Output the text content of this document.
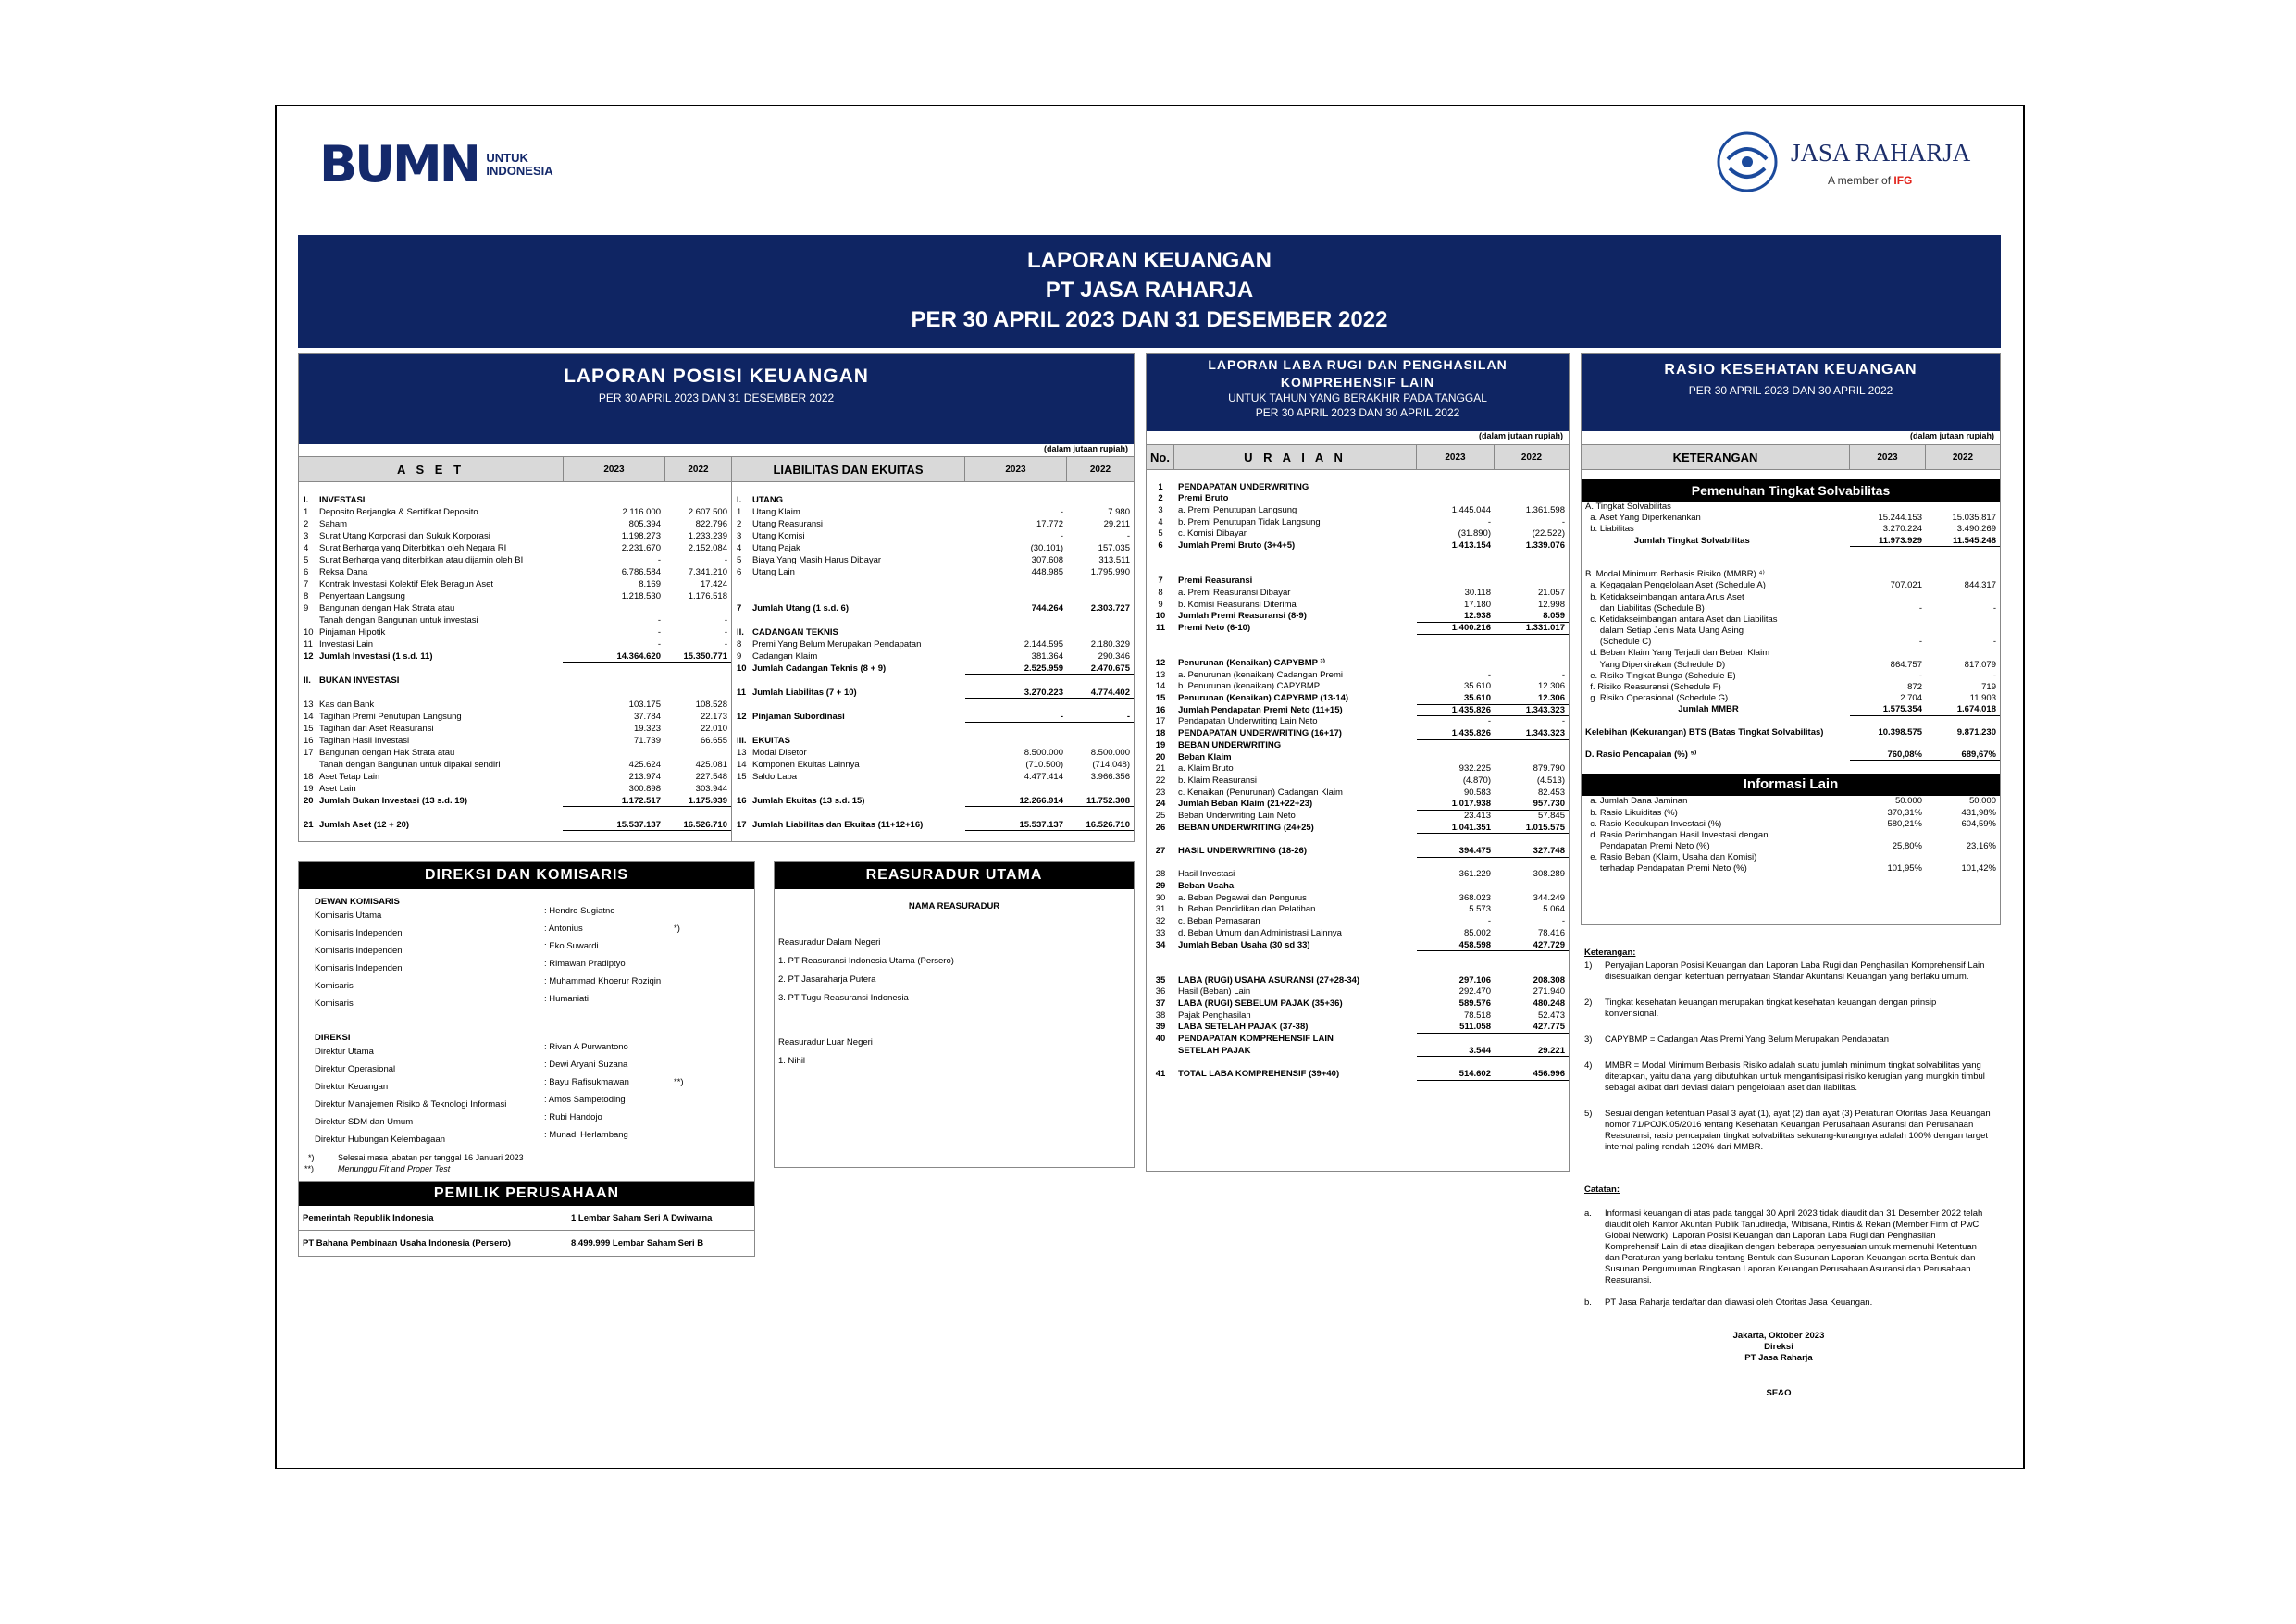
BUMN UNTUK
INDONESIA
JASA RAHARJA
A member of IFG
LAPORAN KEUANGAN
PT JASA RAHARJA
PER 30 APRIL 2023 DAN 31 DESEMBER 2022
LAPORAN POSISI KEUANGAN
PER 30 APRIL 2023 DAN 31 DESEMBER 2022
(dalam jutaan rupiah)
A S E T	2023	2022	LIABILITAS DAN EKUITAS	2023	2022
I.	INVESTASI
1	Deposito Berjangka & Sertifikat Deposito	2.116.000	2.607.500
2	Saham	805.394	822.796
3	Surat Utang Korporasi dan Sukuk Korporasi	1.198.273	1.233.239
4	Surat Berharga yang Diterbitkan oleh Negara RI	2.231.670	2.152.084
5	Surat Berharga yang diterbitkan atau dijamin oleh BI	-	-
6	Reksa Dana	6.786.584	7.341.210
7	Kontrak Investasi Kolektif Efek Beragun Aset	8.169	17.424
8	Penyertaan Langsung	1.218.530	1.176.518
9	Bangunan dengan Hak Strata atau
Tanah dengan Bangunan untuk investasi	-	-
10 Pinjaman Hipotik	-	-
11 Investasi Lain	-	-
12 Jumlah Investasi (1 s.d. 11)	14.364.620	15.350.771
II. BUKAN INVESTASI
13 Kas dan Bank	103.175	108.528
14 Tagihan Premi Penutupan Langsung	37.784	22.173
15 Tagihan dari Aset Reasuransi	19.323	22.010
16 Tagihan Hasil Investasi	71.739	66.655
17 Bangunan dengan Hak Strata atau
Tanah dengan Bangunan untuk dipakai sendiri	425.624	425.081
18 Aset Tetap Lain	213.974	227.548
19 Aset Lain	300.898	303.944
20 Jumlah Bukan Investasi (13 s.d. 19)	1.172.517	1.175.939
21 Jumlah Aset (12 + 20)	15.537.137	16.526.710
I.	UTANG
1	Utang Klaim	-	7.980
2	Utang Reasuransi	17.772	29.211
3	Utang Komisi	-	-
4	Utang Pajak	(30.101)	157.035
5	Biaya Yang Masih Harus Dibayar	307.608	313.511
6	Utang Lain	448.985	1.795.990
7	Jumlah Utang (1 s.d. 6)	744.264	2.303.727
II. CADANGAN TEKNIS
8	Premi Yang Belum Merupakan Pendapatan	2.144.595	2.180.329
9	Cadangan Klaim	381.364	290.346
10 Jumlah Cadangan Teknis (8 + 9)	2.525.959	2.470.675
11 Jumlah Liabilitas (7 + 10)	3.270.223	4.774.402
12 Pinjaman Subordinasi	-	-
III. EKUITAS
13 Modal Disetor	8.500.000	8.500.000
14 Komponen Ekuitas Lainnya	(710.500)	(714.048)
15 Saldo Laba	4.477.414	3.966.356
16 Jumlah Ekuitas (13 s.d. 15)	12.266.914	11.752.308
17 Jumlah Liabilitas dan Ekuitas (11+12+16)	15.537.137	16.526.710
LAPORAN LABA RUGI DAN PENGHASILAN
KOMPREHENSIF LAIN
UNTUK TAHUN YANG BERAKHIR PADA TANGGAL
PER 30 APRIL 2023 DAN 30 APRIL 2022
(dalam jutaan rupiah)
No.	U R A I A N	2023	2022
1	PENDAPATAN UNDERWRITING
2	Premi Bruto
3	a. Premi Penutupan Langsung	1.445.044	1.361.598
4	b. Premi Penutupan Tidak Langsung	-	-
5	c. Komisi Dibayar	(31.890)	(22.522)
6	Jumlah Premi Bruto (3+4+5)	1.413.154	1.339.076
7	Premi Reasuransi
8	a. Premi Reasuransi Dibayar	30.118	21.057
9	b. Komisi Reasuransi Diterima	17.180	12.998
10	Jumlah Premi Reasuransi (8-9)	12.938	8.059
11	Premi Neto (6-10)	1.400.216	1.331.017
12	Penurunan (Kenaikan) CAPYBMP ³⁾
13	a. Penurunan (kenaikan) Cadangan Premi	-	-
14	b. Penurunan (kenaikan) CAPYBMP	35.610	12.306
15	Penurunan (Kenaikan) CAPYBMP (13-14)	35.610	12.306
16	Jumlah Pendapatan Premi Neto (11+15)	1.435.826	1.343.323
17	Pendapatan Underwriting Lain Neto	-	-
18	PENDAPATAN UNDERWRITING (16+17)	1.435.826	1.343.323
19	BEBAN UNDERWRITING
20	Beban Klaim
21	a. Klaim Bruto	932.225	879.790
22	b. Klaim Reasuransi	(4.870)	(4.513)
23	c. Kenaikan (Penurunan) Cadangan Klaim	90.583	82.453
24	Jumlah Beban Klaim (21+22+23)	1.017.938	957.730
25	Beban Underwriting Lain Neto	23.413	57.845
26	BEBAN UNDERWRITING (24+25)	1.041.351	1.015.575
27	HASIL UNDERWRITING (18-26)	394.475	327.748
28	Hasil Investasi	361.229	308.289
29	Beban Usaha
30	a. Beban Pegawai dan Pengurus	368.023	344.249
31	b. Beban Pendidikan dan Pelatihan	5.573	5.064
32	c. Beban Pemasaran	-	-
33	d. Beban Umum dan Administrasi Lainnya	85.002	78.416
34	Jumlah Beban Usaha (30 sd 33)	458.598	427.729
35	LABA (RUGI) USAHA ASURANSI (27+28-34)	297.106	208.308
36	Hasil (Beban) Lain	292.470	271.940
37	LABA (RUGI) SEBELUM PAJAK (35+36)	589.576	480.248
38	Pajak Penghasilan	78.518	52.473
39	LABA SETELAH PAJAK (37-38)	511.058	427.775
40	PENDAPATAN KOMPREHENSIF LAIN
SETELAH PAJAK	3.544	29.221
41	TOTAL LABA KOMPREHENSIF (39+40)	514.602	456.996
RASIO KESEHATAN KEUANGAN
PER 30 APRIL 2023 DAN 30 APRIL 2022
(dalam jutaan rupiah)
KETERANGAN	2023	2022
Pemenuhan Tingkat Solvabilitas
A. Tingkat Solvabilitas
a. Aset Yang Diperkenankan	15.244.153	15.035.817
b. Liabilitas	3.270.224	3.490.269
Jumlah Tingkat Solvabilitas	11.973.929	11.545.248
B. Modal Minimum Berbasis Risiko (MMBR) ⁴⁾
a. Kegagalan Pengelolaan Aset (Schedule A)	707.021	844.317
b. Ketidakseimbangan antara Arus Aset
dan Liabilitas (Schedule B)	-	-
c. Ketidakseimbangan antara Aset dan Liabilitas
dalam Setiap Jenis Mata Uang Asing
(Schedule C)	-	-
d. Beban Klaim Yang Terjadi dan Beban Klaim
Yang Diperkirakan (Schedule D)	864.757	817.079
e. Risiko Tingkat Bunga (Schedule E)	-	-
f. Risiko Reasuransi (Schedule F)	872	719
g. Risiko Operasional (Schedule G)	2.704	11.903
Jumlah MMBR	1.575.354	1.674.018
Kelebihan (Kekurangan) BTS (Batas Tingkat Solvabilitas)	10.398.575	9.871.230
D. Rasio Pencapaian (%) ⁵⁾	760,08%	689,67%
Informasi Lain
a. Jumlah Dana Jaminan	50.000	50.000
b. Rasio Likuiditas (%)	370,31%	431,98%
c. Rasio Kecukupan Investasi (%)	580,21%	604,59%
d. Rasio Perimbangan Hasil Investasi dengan
Pendapatan Premi Neto (%)	25,80%	23,16%
e. Rasio Beban (Klaim, Usaha dan Komisi)
terhadap Pendapatan Premi Neto (%)	101,95%	101,42%
Keterangan:
1)	Penyajian Laporan Posisi Keuangan dan Laporan Laba Rugi dan Penghasilan Komprehensif Lain disesuaikan dengan ketentuan pernyataan Standar Akuntansi Keuangan yang berlaku umum.
2)	Tingkat kesehatan keuangan merupakan tingkat kesehatan keuangan dengan prinsip konvensional.
3)	CAPYBMP = Cadangan Atas Premi Yang Belum Merupakan Pendapatan
4)	MMBR = Modal Minimum Berbasis Risiko adalah suatu jumlah minimum tingkat solvabilitas yang ditetapkan, yaitu dana yang dibutuhkan untuk mengantisipasi risiko kerugian yang mungkin timbul sebagai akibat dari deviasi dalam pengelolaan aset dan liabilitas.
5)	Sesuai dengan ketentuan Pasal 3 ayat (1), ayat (2) dan ayat (3) Peraturan Otoritas Jasa Keuangan nomor 71/POJK.05/2016 tentang Kesehatan Keuangan Perusahaan Asuransi dan Perusahaan Reasuransi, rasio pencapaian tingkat solvabilitas sekurang-kurangnya adalah 100% dengan target internal paling rendah 120% dari MMBR.
Catatan:
a.	Informasi keuangan di atas pada tanggal 30 April 2023 tidak diaudit dan 31 Desember 2022 telah diaudit oleh Kantor Akuntan Publik Tanudiredja, Wibisana, Rintis & Rekan (Member Firm of PwC Global Network). Laporan Posisi Keuangan dan Laporan Laba Rugi dan Penghasilan Komprehensif Lain di atas disajikan dengan beberapa penyesuaian untuk memenuhi Ketentuan dan Peraturan yang berlaku tentang Bentuk dan Susunan Laporan Keuangan serta Bentuk dan Susunan Pengumuman Ringkasan Laporan Keuangan Perusahaan Asuransi dan Perusahaan Reasuransi.
b.	PT Jasa Raharja terdaftar dan diawasi oleh Otoritas Jasa Keuangan.
Jakarta, Oktober 2023
Direksi
PT Jasa Raharja
SE&O
DIREKSI DAN KOMISARIS
DEWAN KOMISARIS
Komisaris Utama	: Hendro Sugiatno
Komisaris Independen	: Antonius	*)
Komisaris Independen	: Eko Suwardi
Komisaris Independen	: Rimawan Pradiptyo
Komisaris	: Muhammad Khoerur Roziqin
Komisaris	: Humaniati
DIREKSI
Direktur Utama	: Rivan A Purwantono
Direktur Operasional	: Dewi Aryani Suzana
Direktur Keuangan	: Bayu Rafisukmawan	**)
Direktur Manajemen Risiko & Teknologi Informasi	: Amos Sampetoding
Direktur SDM dan Umum	: Rubi Handojo
Direktur Hubungan Kelembagaan	: Munadi Herlambang
*)	Selesai masa jabatan per tanggal 16 Januari 2023
**)	Menunggu Fit and Proper Test
PEMILIK PERUSAHAAN
Pemerintah Republik Indonesia	1 Lembar Saham Seri A Dwiwarna
PT Bahana Pembinaan Usaha Indonesia (Persero)	8.499.999 Lembar Saham Seri B
REASURADUR UTAMA
NAMA REASURADUR
Reasuradur Dalam Negeri
1. PT Reasuransi Indonesia Utama (Persero)
2. PT Jasaraharja Putera
3. PT Tugu Reasuransi Indonesia
Reasuradur Luar Negeri
1. Nihil
